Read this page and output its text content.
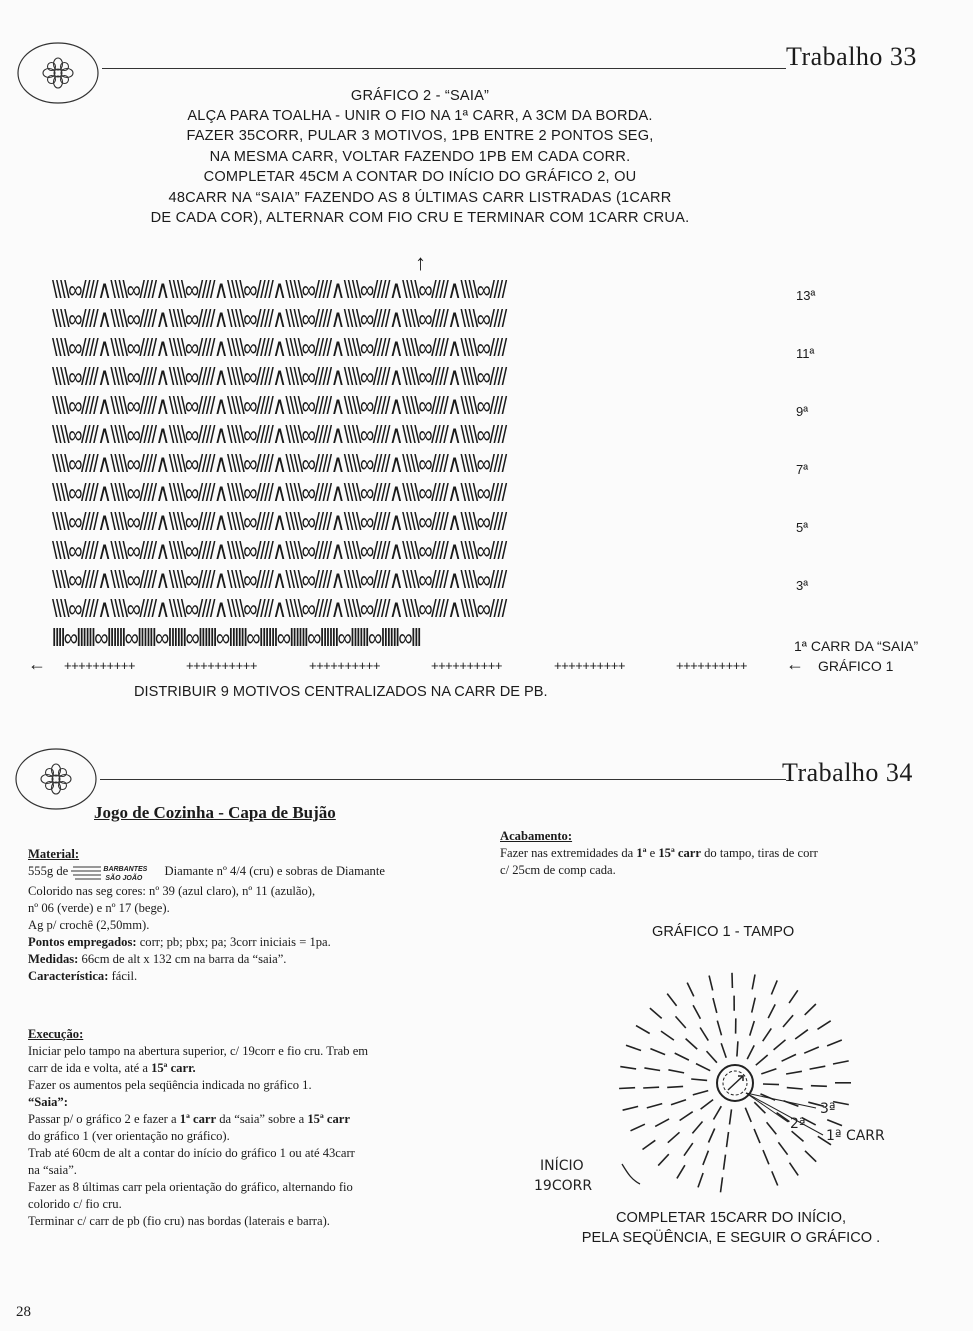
Trabalho 33
GRÁFICO 2 - “SAIA”
ALÇA PARA TOALHA - UNIR O FIO NA 1ª CARR, A 3CM DA BORDA.
FAZER 35CORR, PULAR 3 MOTIVOS, 1PB ENTRE 2 PONTOS SEG,
NA MESMA CARR, VOLTAR FAZENDO 1PB EM CADA CORR.
COMPLETAR 45CM A CONTAR DO INÍCIO DO GRÁFICO 2, OU
48CARR NA “SAIA” FAZENDO AS 8 ÚLTIMAS CARR LISTRADAS (1CARR
DE CADA COR), ALTERNAR COM FIO CRU E TERMINAR COM 1CARR CRUA.
↑
\\\\∞////∧\\\\∞////∧\\\\∞////∧\\\\∞////∧\\\\∞////∧\\\\∞////∧\\\\∞////∧\\\\∞////
\\\\∞////∧\\\\∞////∧\\\\∞////∧\\\\∞////∧\\\\∞////∧\\\\∞////∧\\\\∞////∧\\\\∞////
\\\\∞////∧\\\\∞////∧\\\\∞////∧\\\\∞////∧\\\\∞////∧\\\\∞////∧\\\\∞////∧\\\\∞////
\\\\∞////∧\\\\∞////∧\\\\∞////∧\\\\∞////∧\\\\∞////∧\\\\∞////∧\\\\∞////∧\\\\∞////
\\\\∞////∧\\\\∞////∧\\\\∞////∧\\\\∞////∧\\\\∞////∧\\\\∞////∧\\\\∞////∧\\\\∞////
\\\\∞////∧\\\\∞////∧\\\\∞////∧\\\\∞////∧\\\\∞////∧\\\\∞////∧\\\\∞////∧\\\\∞////
\\\\∞////∧\\\\∞////∧\\\\∞////∧\\\\∞////∧\\\\∞////∧\\\\∞////∧\\\\∞////∧\\\\∞////
\\\\∞////∧\\\\∞////∧\\\\∞////∧\\\\∞////∧\\\\∞////∧\\\\∞////∧\\\\∞////∧\\\\∞////
\\\\∞////∧\\\\∞////∧\\\\∞////∧\\\\∞////∧\\\\∞////∧\\\\∞////∧\\\\∞////∧\\\\∞////
\\\\∞////∧\\\\∞////∧\\\\∞////∧\\\\∞////∧\\\\∞////∧\\\\∞////∧\\\\∞////∧\\\\∞////
\\\\∞////∧\\\\∞////∧\\\\∞////∧\\\\∞////∧\\\\∞////∧\\\\∞////∧\\\\∞////∧\\\\∞////
\\\\∞////∧\\\\∞////∧\\\\∞////∧\\\\∞////∧\\\\∞////∧\\\\∞////∧\\\\∞////∧\\\\∞////
llll∞llllll∞llllll∞llllll∞llllll∞llllll∞llllll∞llllll∞llllll∞llllll∞llllll∞llllll∞lll
13ª
11ª
9ª
7ª
5ª
3ª
1ª CARR DA “SAIA”
← ++++++++++	++++++++++	++++++++++	++++++++++	++++++++++	++++++++++ ← GRÁFICO 1
DISTRIBUIR 9 MOTIVOS CENTRALIZADOS NA CARR DE PB.
Trabalho 34
Jogo de Cozinha - Capa de Bujão

Material:

555g de	BARBANTES
SÃO JOÃO
Diamante nº 4/4 (cru) e sobras de Diamante

Colorido nas seg cores: nº 39 (azul claro), nº 11 (azulão),

nº 06 (verde) e nº 17 (bege).

Ag p/ crochê (2,50mm).

Pontos empregados: corr; pb; pbx; pa; 3corr iniciais = 1pa.

Medidas: 66cm de alt x 132 cm na barra da “saia”.

Característica: fácil.

Execução:

Iniciar pelo tampo na abertura superior, c/ 19corr e fio cru. Trab em

carr de ida e volta, até a 15ª carr.

Fazer os aumentos pela seqüência indicada no gráfico 1.

“Saia”:

Passar p/ o gráfico 2 e fazer a 1ª carr da “saia” sobre a 15ª carr

do gráfico 1 (ver orientação no gráfico).

Trab até 60cm de alt a contar do início do gráfico 1 ou até 43carr

na “saia”.

Fazer as 8 últimas carr pela orientação do gráfico, alternando fio

colorido c/ fio cru.

Terminar c/ carr de pb (fio cru) nas bordas (laterais e barra).

Acabamento:

Fazer nas extremidades da 1ª e 15ª carr do tampo, tiras de corr

c/ 25cm de comp cada.

GRÁFICO 1 - TAMPO
3ª
2ª
1ª CARR
INÍCIO
19CORR
COMPLETAR 15CARR DO INÍCIO,
PELA SEQÜÊNCIA, E SEGUIR O GRÁFICO .
28
